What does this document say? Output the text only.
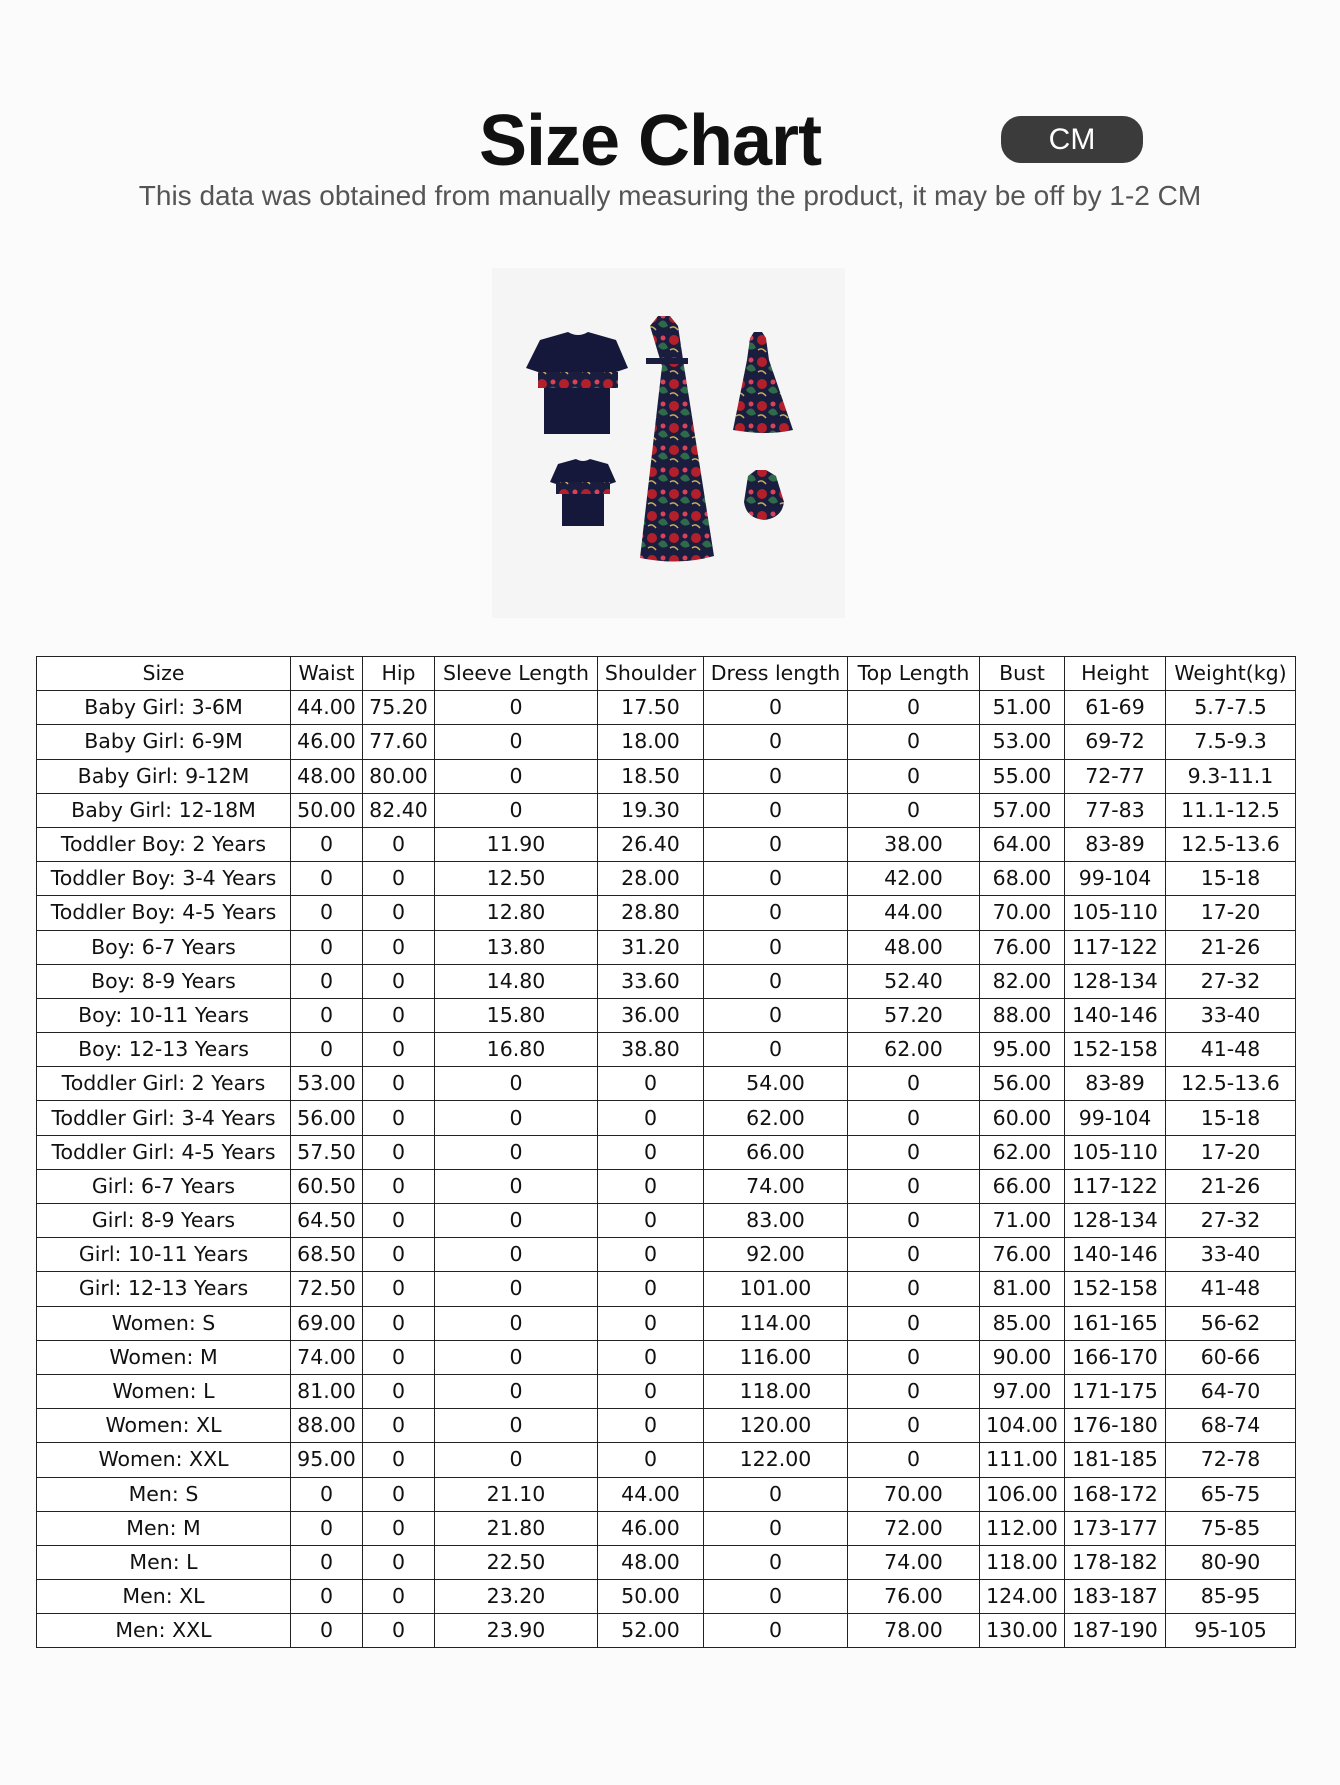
Size Chart	CM
This data was obtained from manually measuring the product, it may be off by 1-2 CM
Size	Waist	Hip	Sleeve Length	Shoulder	Dress length	Top Length	Bust	Height	Weight(kg)
Baby Girl: 3-6M	44.00	75.20	0	17.50	0	0	51.00	61-69	5.7-7.5
Baby Girl: 6-9M	46.00	77.60	0	18.00	0	0	53.00	69-72	7.5-9.3
Baby Girl: 9-12M	48.00	80.00	0	18.50	0	0	55.00	72-77	9.3-11.1
Baby Girl: 12-18M	50.00	82.40	0	19.30	0	0	57.00	77-83	11.1-12.5
Toddler Boy: 2 Years	0	0	11.90	26.40	0	38.00	64.00	83-89	12.5-13.6
Toddler Boy: 3-4 Years	0	0	12.50	28.00	0	42.00	68.00	99-104	15-18
Toddler Boy: 4-5 Years	0	0	12.80	28.80	0	44.00	70.00	105-110	17-20
Boy: 6-7 Years	0	0	13.80	31.20	0	48.00	76.00	117-122	21-26
Boy: 8-9 Years	0	0	14.80	33.60	0	52.40	82.00	128-134	27-32
Boy: 10-11 Years	0	0	15.80	36.00	0	57.20	88.00	140-146	33-40
Boy: 12-13 Years	0	0	16.80	38.80	0	62.00	95.00	152-158	41-48
Toddler Girl: 2 Years	53.00	0	0	0	54.00	0	56.00	83-89	12.5-13.6
Toddler Girl: 3-4 Years	56.00	0	0	0	62.00	0	60.00	99-104	15-18
Toddler Girl: 4-5 Years	57.50	0	0	0	66.00	0	62.00	105-110	17-20
Girl: 6-7 Years	60.50	0	0	0	74.00	0	66.00	117-122	21-26
Girl: 8-9 Years	64.50	0	0	0	83.00	0	71.00	128-134	27-32
Girl: 10-11 Years	68.50	0	0	0	92.00	0	76.00	140-146	33-40
Girl: 12-13 Years	72.50	0	0	0	101.00	0	81.00	152-158	41-48
Women: S	69.00	0	0	0	114.00	0	85.00	161-165	56-62
Women: M	74.00	0	0	0	116.00	0	90.00	166-170	60-66
Women: L	81.00	0	0	0	118.00	0	97.00	171-175	64-70
Women: XL	88.00	0	0	0	120.00	0	104.00	176-180	68-74
Women: XXL	95.00	0	0	0	122.00	0	111.00	181-185	72-78
Men: S	0	0	21.10	44.00	0	70.00	106.00	168-172	65-75
Men: M	0	0	21.80	46.00	0	72.00	112.00	173-177	75-85
Men: L	0	0	22.50	48.00	0	74.00	118.00	178-182	80-90
Men: XL	0	0	23.20	50.00	0	76.00	124.00	183-187	85-95
Men: XXL	0	0	23.90	52.00	0	78.00	130.00	187-190	95-105
